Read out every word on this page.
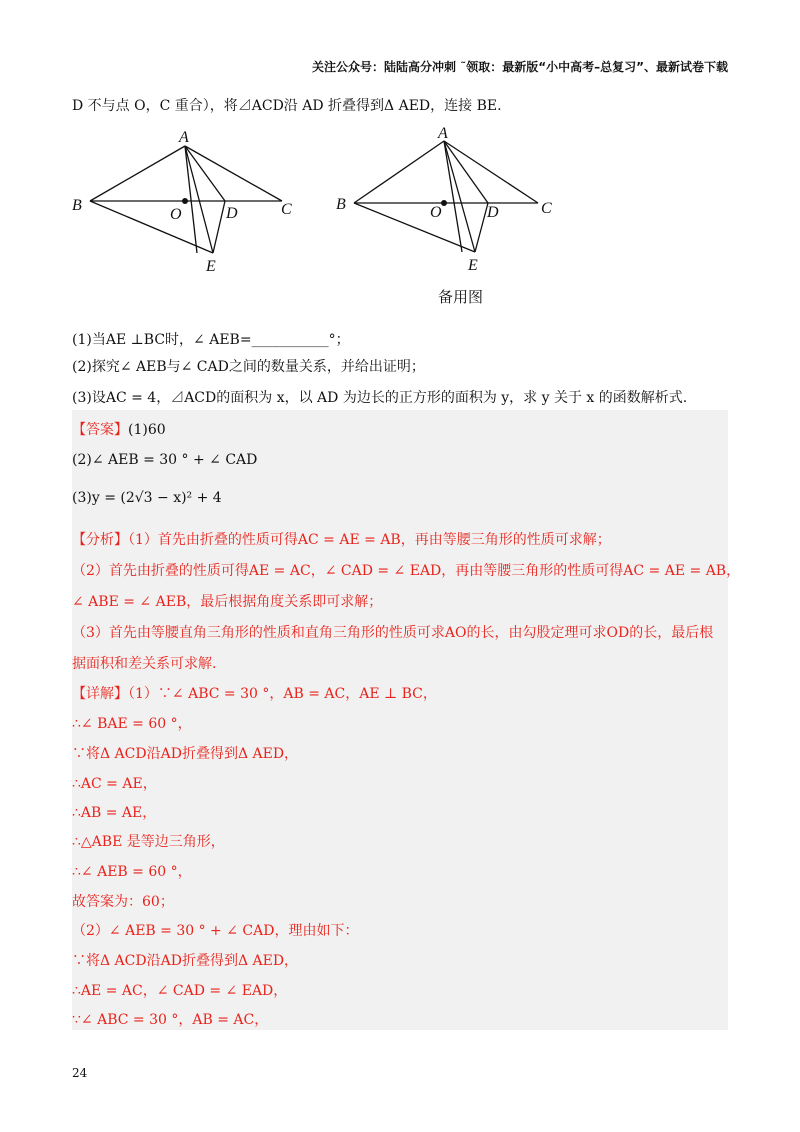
关注公众号：陆陆高分冲刺 ˜领取：最新版“小中高考–总复习”、最新试卷下载
D 不与点 O，C 重合），将⊿ACD沿 AD 折叠得到Δ AED，连接 BE.
A
B	C
O	D
E
A
B	C
O	D
E
备用图
(1)当AE ⊥BC时，∠ AEB=___________°；
(2)探究∠ AEB与∠ CAD之间的数量关系，并给出证明；
(3)设AC = 4，⊿ACD的面积为 x，以 AD 为边长的正方形的面积为 y，求 y 关于 x 的函数解析式.
【答案】(1)60
(2)∠ AEB = 30 ° + ∠ CAD
(3)y = (2√3 − x)² + 4
【分析】（1）首先由折叠的性质可得AC = AE = AB，再由等腰三角形的性质可求解；
（2）首先由折叠的性质可得AE = AC，∠ CAD = ∠ EAD，再由等腰三角形的性质可得AC = AE = AB，
∠ ABE = ∠ AEB，最后根据角度关系即可求解；
（3）首先由等腰直角三角形的性质和直角三角形的性质可求AO的长，由勾股定理可求OD的长，最后根
据面积和差关系可求解.
【详解】（1）∵∠ ABC = 30 °，AB = AC，AE ⊥ BC，
∴∠ BAE = 60 °，
∵将Δ ACD沿AD折叠得到Δ AED，
∴AC = AE，
∴AB = AE，
∴△ABE 是等边三角形，
∴∠ AEB = 60 °，
故答案为：60；
（2）∠ AEB = 30 ° + ∠ CAD，理由如下：
∵将Δ ACD沿AD折叠得到Δ AED，
∴AE = AC，∠ CAD = ∠ EAD，
∵∠ ABC = 30 °，AB = AC，
24
